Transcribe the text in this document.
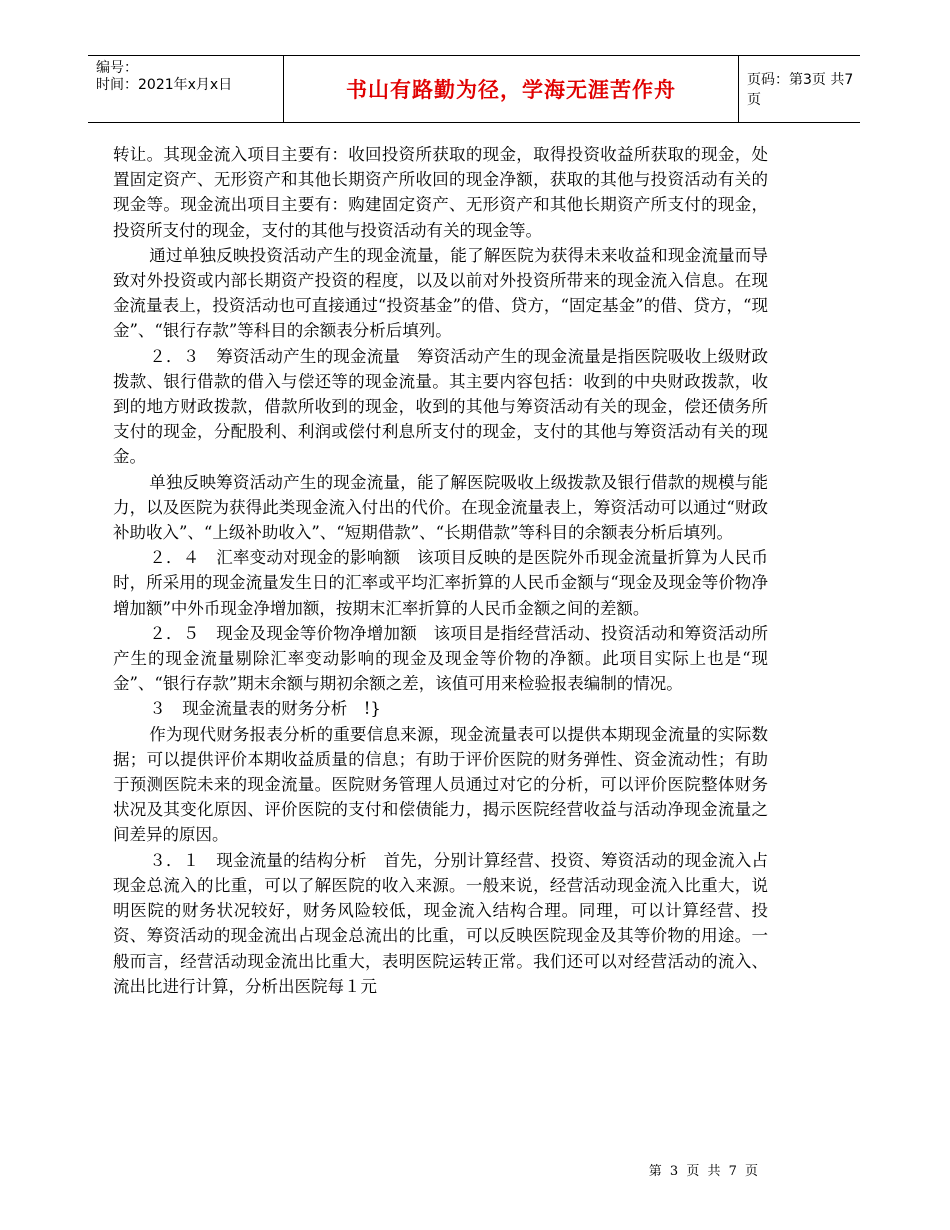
编号：
时间：2021年x月x日	书山有路勤为径，学海无涯苦作舟	页码：第3页 共7页

转让。其现金流入项目主要有：收回投资所获取的现金，取得投资收益所获取的现金，处置固定资产、无形资产和其他长期资产所收回的现金净额，获取的其他与投资活动有关的现金等。现金流出项目主要有：购建固定资产、无形资产和其他长期资产所支付的现金，投资所支付的现金，支付的其他与投资活动有关的现金等。

通过单独反映投资活动产生的现金流量，能了解医院为获得未来收益和现金流量而导致对外投资或内部长期资产投资的程度，以及以前对外投资所带来的现金流入信息。在现金流量表上，投资活动也可直接通过“投资基金”的借、贷方，“固定基金”的借、贷方，“现金”、“银行存款”等科目的余额表分析后填列。

２．３　筹资活动产生的现金流量　筹资活动产生的现金流量是指医院吸收上级财政拨款、银行借款的借入与偿还等的现金流量。其主要内容包括：收到的中央财政拨款，收到的地方财政拨款，借款所收到的现金，收到的其他与筹资活动有关的现金，偿还债务所支付的现金，分配股利、利润或偿付利息所支付的现金，支付的其他与筹资活动有关的现金。

单独反映筹资活动产生的现金流量，能了解医院吸收上级拨款及银行借款的规模与能力，以及医院为获得此类现金流入付出的代价。在现金流量表上，筹资活动可以通过“财政补助收入”、“上级补助收入”、“短期借款”、“长期借款”等科目的余额表分析后填列。

２．４　汇率变动对现金的影响额　该项目反映的是医院外币现金流量折算为人民币时，所采用的现金流量发生日的汇率或平均汇率折算的人民币金额与“现金及现金等价物净增加额”中外币现金净增加额，按期末汇率折算的人民币金额之间的差额。

２．５　现金及现金等价物净增加额　该项目是指经营活动、投资活动和筹资活动所产生的现金流量剔除汇率变动影响的现金及现金等价物的净额。此项目实际上也是“现金”、“银行存款”期末余额与期初余额之差，该值可用来检验报表编制的情况。

３　现金流量表的财务分析　!}

作为现代财务报表分析的重要信息来源，现金流量表可以提供本期现金流量的实际数据；可以提供评价本期收益质量的信息；有助于评价医院的财务弹性、资金流动性；有助于预测医院未来的现金流量。医院财务管理人员通过对它的分析，可以评价医院整体财务状况及其变化原因、评价医院的支付和偿债能力，揭示医院经营收益与活动净现金流量之间差异的原因。

３．１　现金流量的结构分析　首先，分别计算经营、投资、筹资活动的现金流入占现金总流入的比重，可以了解医院的收入来源。一般来说，经营活动现金流入比重大，说明医院的财务状况较好，财务风险较低，现金流入结构合理。同理，可以计算经营、投资、筹资活动的现金流出占现金总流出的比重，可以反映医院现金及其等价物的用途。一般而言，经营活动现金流出比重大，表明医院运转正常。我们还可以对经营活动的流入、流出比进行计算，分析出医院每１元

第 3 页 共 7 页
